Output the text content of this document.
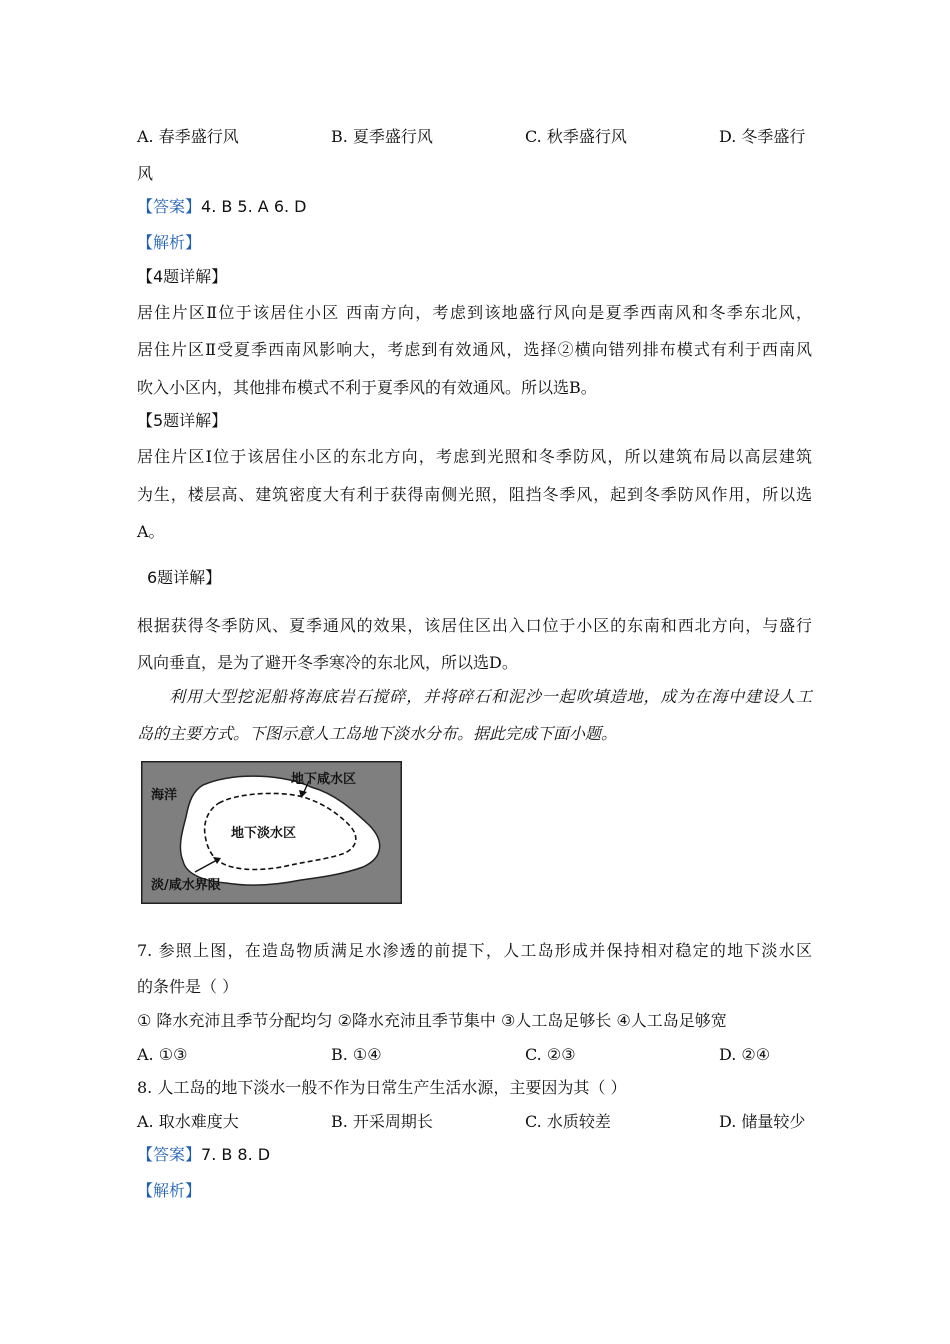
A. 春季盛行风	B. 夏季盛行风	C. 秋季盛行风	D. 冬季盛行
风
【答案】4. B 5. A 6. D
【解析】
【4题详解】
居住片区Ⅱ位于该居住小区 西南方向，考虑到该地盛行风向是夏季西南风和冬季东北风，
居住片区Ⅱ受夏季西南风影响大，考虑到有效通风，选择②横向错列排布模式有利于西南风
吹入小区内，其他排布模式不利于夏季风的有效通风。所以选B。
【5题详解】
居住片区Ⅰ位于该居住小区的东北方向，考虑到光照和冬季防风，所以建筑布局以高层建筑
为生，楼层高、建筑密度大有利于获得南侧光照，阻挡冬季风，起到冬季防风作用，所以选
A。
6题详解】
根据获得冬季防风、夏季通风的效果，该居住区出入口位于小区的东南和西北方向，与盛行
风向垂直，是为了避开冬季寒冷的东北风，所以选D。
利用大型挖泥船将海底岩石搅碎，并将碎石和泥沙一起吹填造地，成为在海中建设人工
岛的主要方式。下图示意人工岛地下淡水分布。据此完成下面小题。
海洋
地下咸水区
地下淡水区
淡/咸水界限
7. 参照上图，在造岛物质满足水渗透的前提下，人工岛形成并保持相对稳定的地下淡水区
的条件是（ ）
① 降水充沛且季节分配均匀 ②降水充沛且季节集中 ③人工岛足够长 ④人工岛足够宽
A. ①③	B. ①④	C. ②③	D. ②④
8. 人工岛的地下淡水一般不作为日常生产生活水源，主要因为其（ ）
A. 取水难度大	B. 开采周期长	C. 水质较差	D. 储量较少
【答案】7. B 8. D
【解析】
